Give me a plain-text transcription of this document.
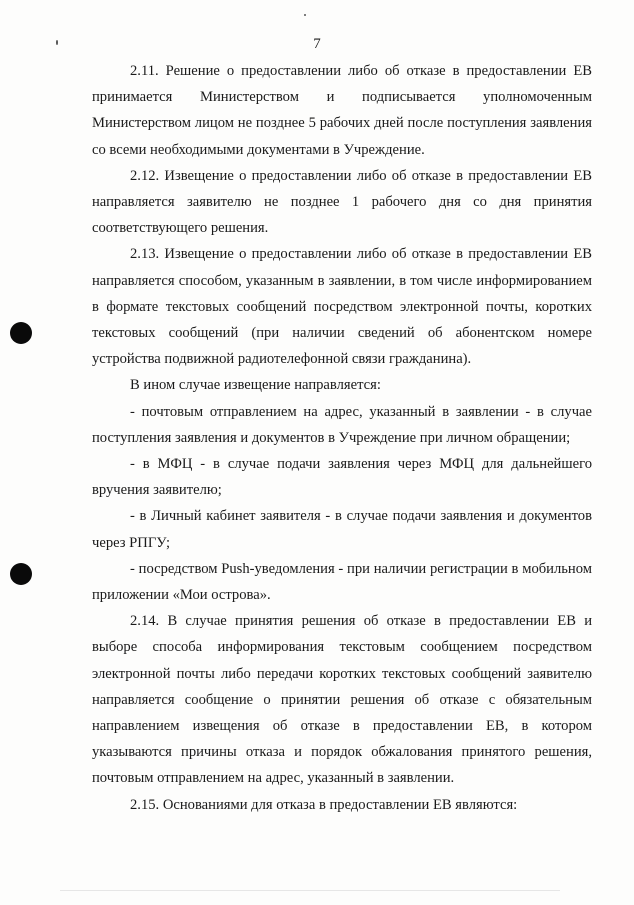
7

2.11. Решение о предоставлении либо об отказе в предоставлении ЕВ принимается Министерством и подписывается уполномоченным Министерством лицом не позднее 5 рабочих дней после поступления заявления со всеми необходимыми документами в Учреждение.

2.12. Извещение о предоставлении либо об отказе в предоставлении ЕВ направляется заявителю не позднее 1 рабочего дня со дня принятия соответствующего решения.

2.13. Извещение о предоставлении либо об отказе в предоставлении ЕВ направляется способом, указанным в заявлении, в том числе информированием в формате текстовых сообщений посредством электронной почты, коротких текстовых сообщений (при наличии сведений об абонентском номере устройства подвижной радиотелефонной связи гражданина).

В ином случае извещение направляется:

- почтовым отправлением на адрес, указанный в заявлении - в случае поступления заявления и документов в Учреждение при личном обращении;

- в МФЦ - в случае подачи заявления через МФЦ для дальнейшего вручения заявителю;

- в Личный кабинет заявителя - в случае подачи заявления и документов через РПГУ;

- посредством Push-уведомления - при наличии регистрации в мобильном приложении «Мои острова».

2.14. В случае принятия решения об отказе в предоставлении ЕВ и выборе способа информирования текстовым сообщением посредством электронной почты либо передачи коротких текстовых сообщений заявителю направляется сообщение о принятии решения об отказе с обязательным направлением извещения об отказе в предоставлении ЕВ, в котором указываются причины отказа и порядок обжалования принятого решения, почтовым отправлением на адрес, указанный в заявлении.

2.15. Основаниями для отказа в предоставлении ЕВ являются:
